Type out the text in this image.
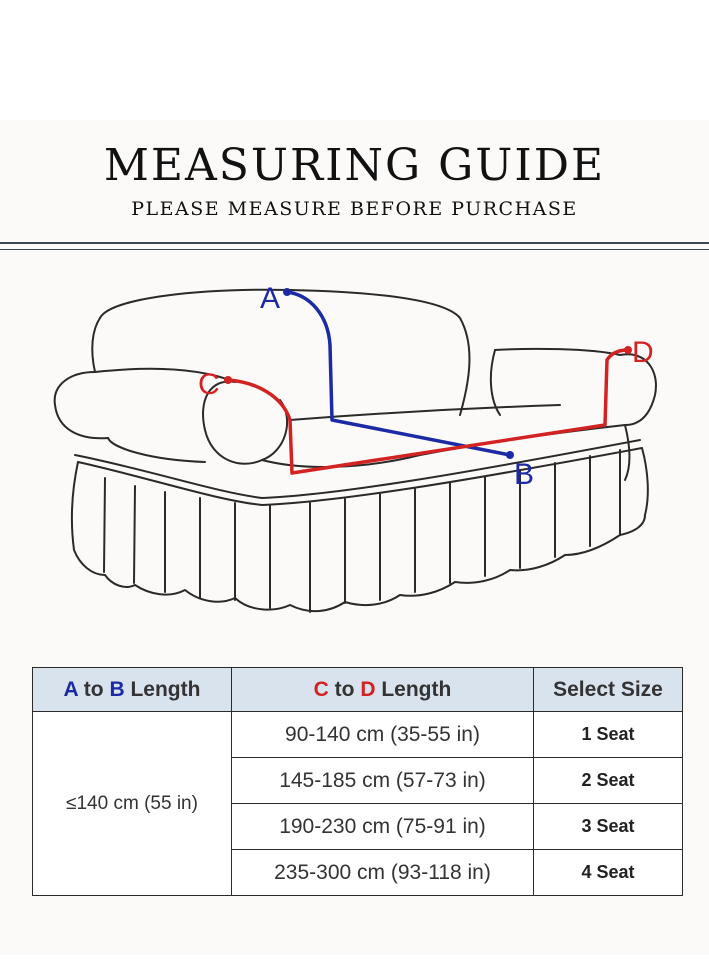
MEASURING GUIDE
PLEASE MEASURE BEFORE PURCHASE
A
B
C
D
A to B Length	C to D Length	Select Size
≤140 cm (55 in)	90-140 cm (35-55 in)	1 Seat
	145-185 cm (57-73 in)	2 Seat
	190-230 cm (75-91 in)	3 Seat
	235-300 cm (93-118 in)	4 Seat
